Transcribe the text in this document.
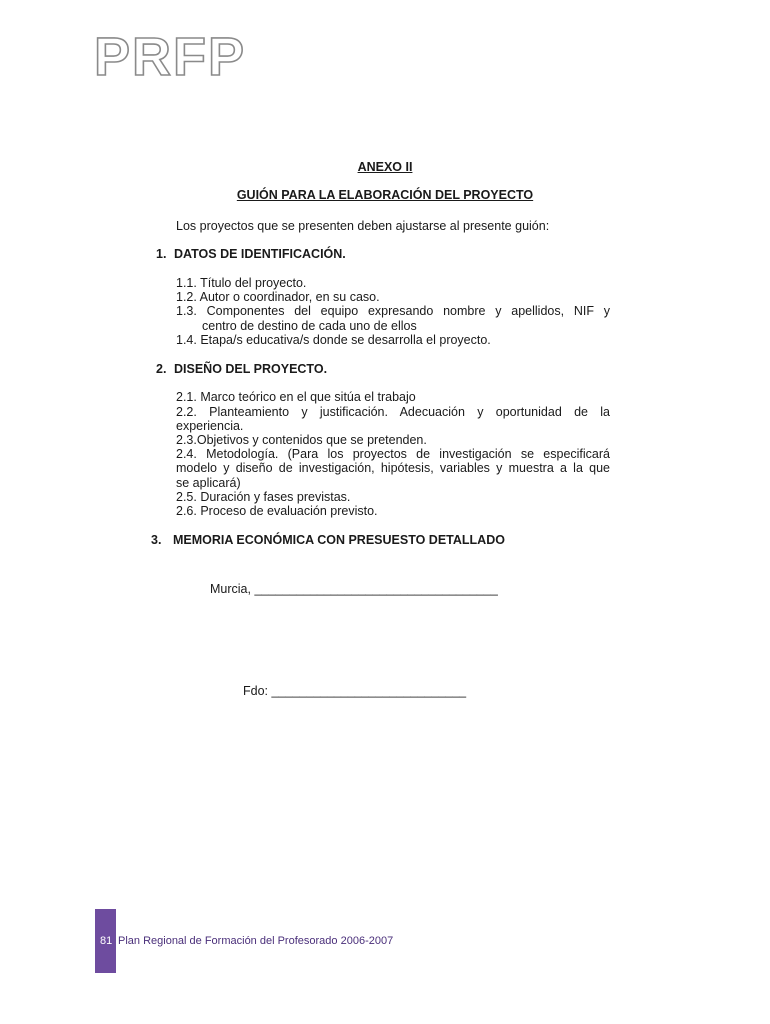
PRFP
ANEXO II
GUIÓN PARA LA ELABORACIÓN DEL PROYECTO
Los proyectos que se presenten deben ajustarse al presente guión:
1. DATOS DE IDENTIFICACIÓN.
1.1. Título del proyecto.
1.2. Autor o coordinador, en su caso.
1.3. Componentes del equipo expresando nombre y apellidos, NIF y
centro de destino de cada uno de ellos
1.4. Etapa/s educativa/s donde se desarrolla el proyecto.
2. DISEÑO DEL PROYECTO.
2.1. Marco teórico en el que sitúa el trabajo
2.2. Planteamiento y justificación. Adecuación y oportunidad de la
experiencia.
2.3.Objetivos y contenidos que se pretenden.
2.4. Metodología. (Para los proyectos de investigación se especificará
modelo y diseño de investigación, hipótesis, variables y muestra a la que
se aplicará)
2.5. Duración y fases previstas.
2.6. Proceso de evaluación previsto.
3. MEMORIA ECONÓMICA CON PRESUESTO DETALLADO
Murcia, ___________________________________
Fdo: ____________________________
81 Plan Regional de Formación del Profesorado 2006-2007
